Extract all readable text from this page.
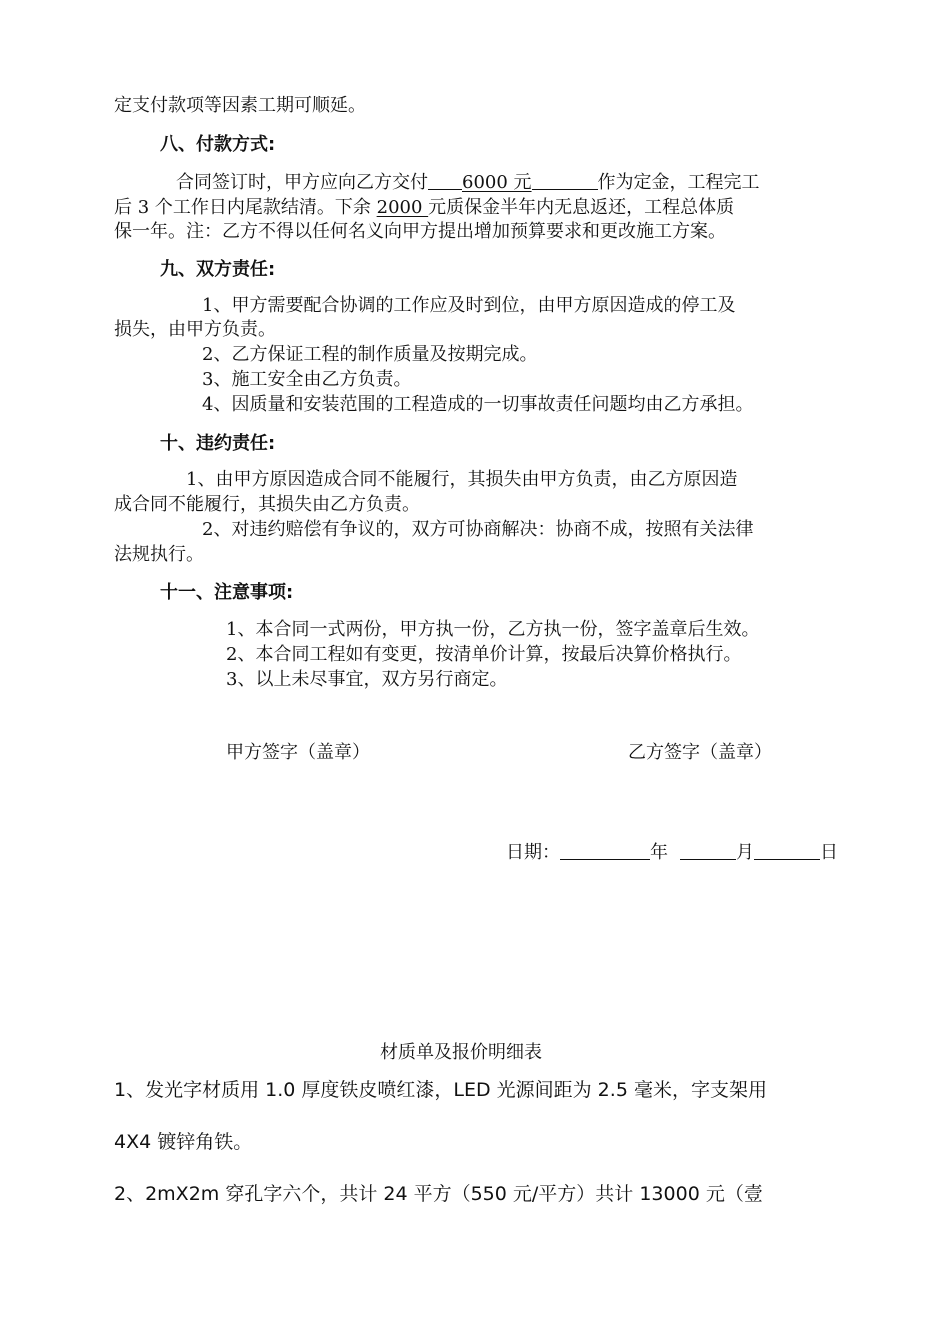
定支付款项等因素工期可顺延。
八、付款方式:
合同签订时，甲方应向乙方交付 6000 元	作为定金，工程完工
后 3 个工作日内尾款结清。下余 2000 元质保金半年内无息返还，工程总体质
保一年。注：乙方不得以任何名义向甲方提出增加预算要求和更改施工方案。
九、双方责任:
1、甲方需要配合协调的工作应及时到位，由甲方原因造成的停工及
损失，由甲方负责。
2、乙方保证工程的制作质量及按期完成。
3、施工安全由乙方负责。
4、因质量和安装范围的工程造成的一切事故责任问题均由乙方承担。
十、违约责任:
1、由甲方原因造成合同不能履行，其损失由甲方负责，由乙方原因造
成合同不能履行，其损失由乙方负责。
2、对违约赔偿有争议的，双方可协商解决：协商不成，按照有关法律
法规执行。
十一、注意事项:
1、本合同一式两份，甲方执一份，乙方执一份，签字盖章后生效。
2、本合同工程如有变更，按清单价计算，按最后决算价格执行。
3、以上未尽事宜，双方另行商定。
甲方签字（盖章）	乙方签字（盖章）
日期：	年	月	日
材质单及报价明细表
1、发光字材质用 1.0 厚度铁皮喷红漆，LED 光源间距为 2.5 毫米，字支架用
4X4 镀锌角铁。
2、2mX2m 穿孔字六个，共计 24 平方（550 元/平方）共计 13000 元（壹
